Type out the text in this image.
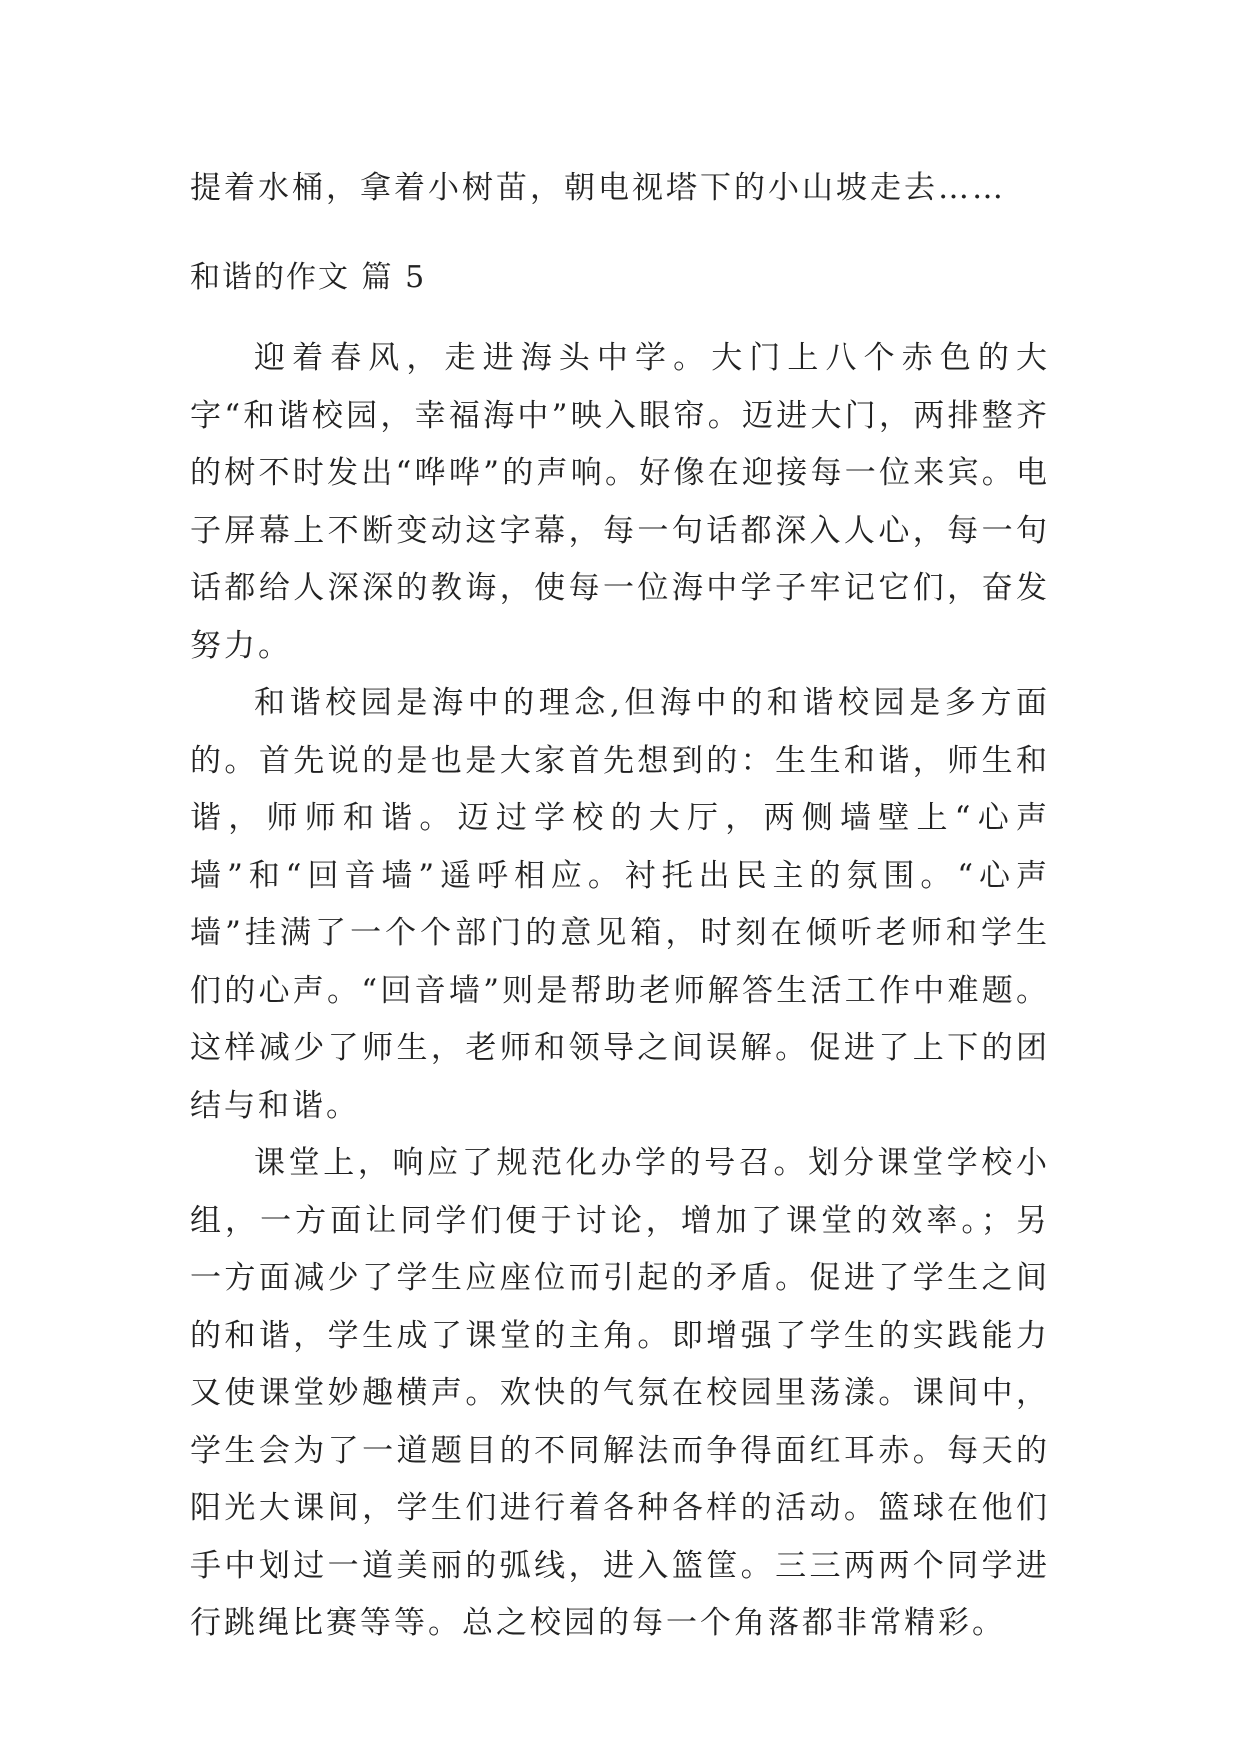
提着水桶，拿着小树苗，朝电视塔下的小山坡走去……
和谐的作文 篇 5

迎着春风，走进海头中学。大门上八个赤色的大字“和谐校园，幸福海中”映入眼帘。迈进大门，两排整齐的树不时发出“哗哗”的声响。好像在迎接每一位来宾。电子屏幕上不断变动这字幕，每一句话都深入人心，每一句话都给人深深的教诲，使每一位海中学子牢记它们，奋发努力。

和谐校园是海中的理念,但海中的和谐校园是多方面的。首先说的是也是大家首先想到的：生生和谐，师生和谐，师师和谐。迈过学校的大厅，两侧墙壁上“心声墙”和“回音墙”遥呼相应。衬托出民主的氛围。“心声墙”挂满了一个个部门的意见箱，时刻在倾听老师和学生们的心声。“回音墙”则是帮助老师解答生活工作中难题。这样减少了师生，老师和领导之间误解。促进了上下的团结与和谐。

课堂上，响应了规范化办学的号召。划分课堂学校小组，一方面让同学们便于讨论，增加了课堂的效率。；另一方面减少了学生应座位而引起的矛盾。促进了学生之间的和谐，学生成了课堂的主角。即增强了学生的实践能力又使课堂妙趣横声。欢快的气氛在校园里荡漾。课间中，学生会为了一道题目的不同解法而争得面红耳赤。每天的阳光大课间，学生们进行着各种各样的活动。篮球在他们手中划过一道美丽的弧线，进入篮筐。三三两两个同学进行跳绳比赛等等。总之校园的每一个角落都非常精彩。
